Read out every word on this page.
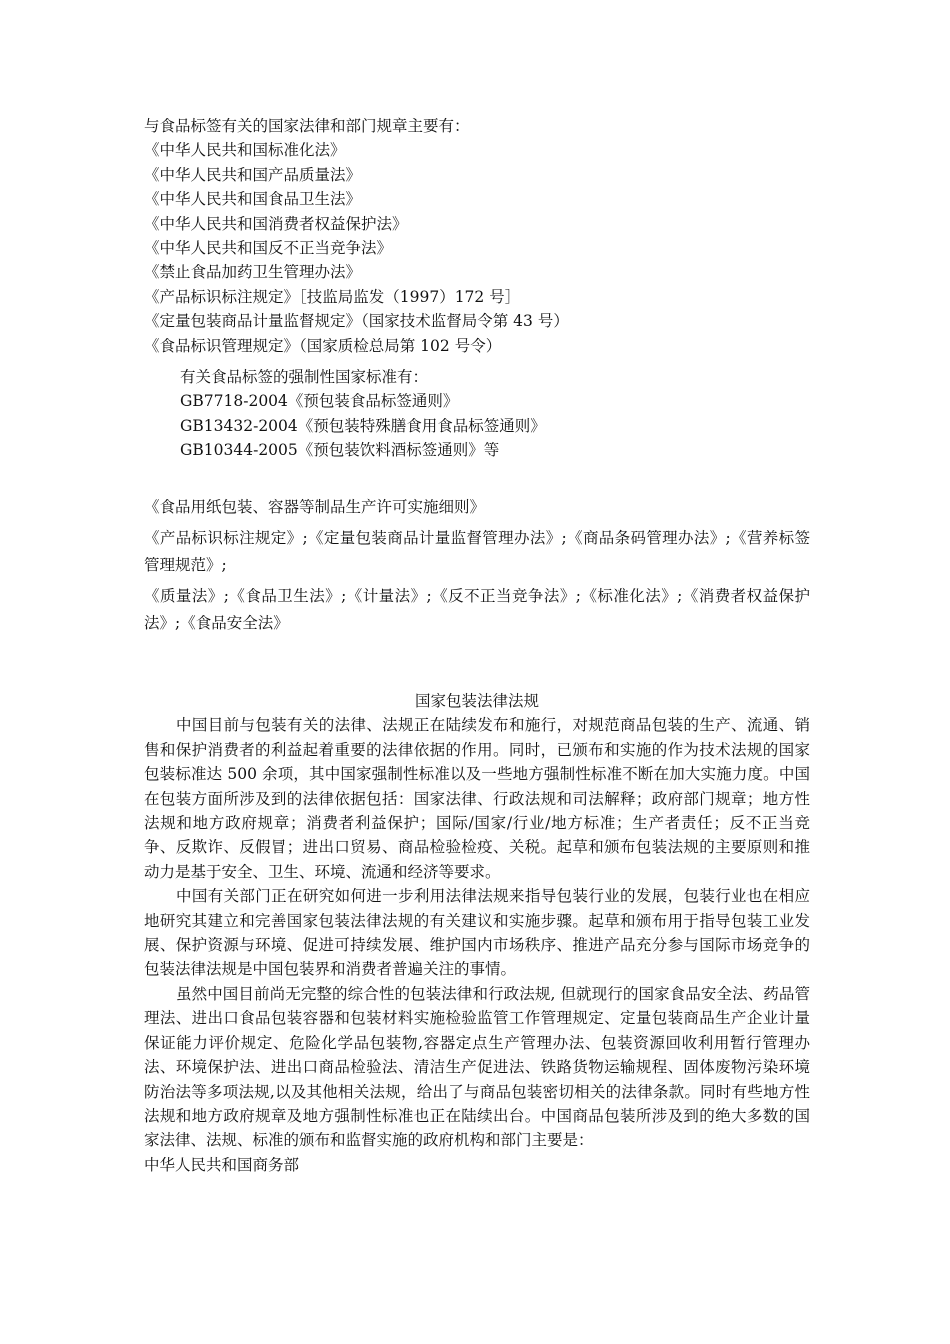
与食品标签有关的国家法律和部门规章主要有：

《中华人民共和国标准化法》

《中华人民共和国产品质量法》

《中华人民共和国食品卫生法》

《中华人民共和国消费者权益保护法》

《中华人民共和国反不正当竞争法》

《禁止食品加药卫生管理办法》

《产品标识标注规定》［技监局监发（1997）172 号］

《定量包装商品计量监督规定》（国家技术监督局令第 43 号）

《食品标识管理规定》（国家质检总局第 102 号令）

有关食品标签的强制性国家标准有：

GB7718-2004《预包装食品标签通则》

GB13432-2004《预包装特殊膳食用食品标签通则》

GB10344-2005《预包装饮料酒标签通则》等

《食品用纸包装、容器等制品生产许可实施细则》

《产品标识标注规定》;《定量包装商品计量监督管理办法》;《商品条码管理办法》;《营养标签管理规范》;

《质量法》;《食品卫生法》;《计量法》;《反不正当竞争法》;《标准化法》;《消费者权益保护法》;《食品安全法》

国家包装法律法规

中国目前与包装有关的法律、法规正在陆续发布和施行，对规范商品包装的生产、流通、销售和保护消费者的利益起着重要的法律依据的作用。同时，已颁布和实施的作为技术法规的国家包装标准达 500 余项，其中国家强制性标准以及一些地方强制性标准不断在加大实施力度。中国在包装方面所涉及到的法律依据包括：国家法律、行政法规和司法解释；政府部门规章；地方性法规和地方政府规章；消费者利益保护；国际/国家/行业/地方标准；生产者责任；反不正当竞争、反欺诈、反假冒；进出口贸易、商品检验检疫、关税。起草和颁布包装法规的主要原则和推动力是基于安全、卫生、环境、流通和经济等要求。

中国有关部门正在研究如何进一步利用法律法规来指导包装行业的发展，包装行业也在相应地研究其建立和完善国家包装法律法规的有关建议和实施步骤。起草和颁布用于指导包装工业发展、保护资源与环境、促进可持续发展、维护国内市场秩序、推进产品充分参与国际市场竞争的包装法律法规是中国包装界和消费者普遍关注的事情。

虽然中国目前尚无完整的综合性的包装法律和行政法规, 但就现行的国家食品安全法、药品管理法、进出口食品包装容器和包装材料实施检验监管工作管理规定、定量包装商品生产企业计量保证能力评价规定、危险化学品包装物,容器定点生产管理办法、包装资源回收利用暂行管理办法、环境保护法、进出口商品检验法、清洁生产促进法、铁路货物运输规程、固体废物污染环境防治法等多项法规,以及其他相关法规，给出了与商品包装密切相关的法律条款。同时有些地方性法规和地方政府规章及地方强制性标准也正在陆续出台。中国商品包装所涉及到的绝大多数的国家法律、法规、标准的颁布和监督实施的政府机构和部门主要是：

中华人民共和国商务部
